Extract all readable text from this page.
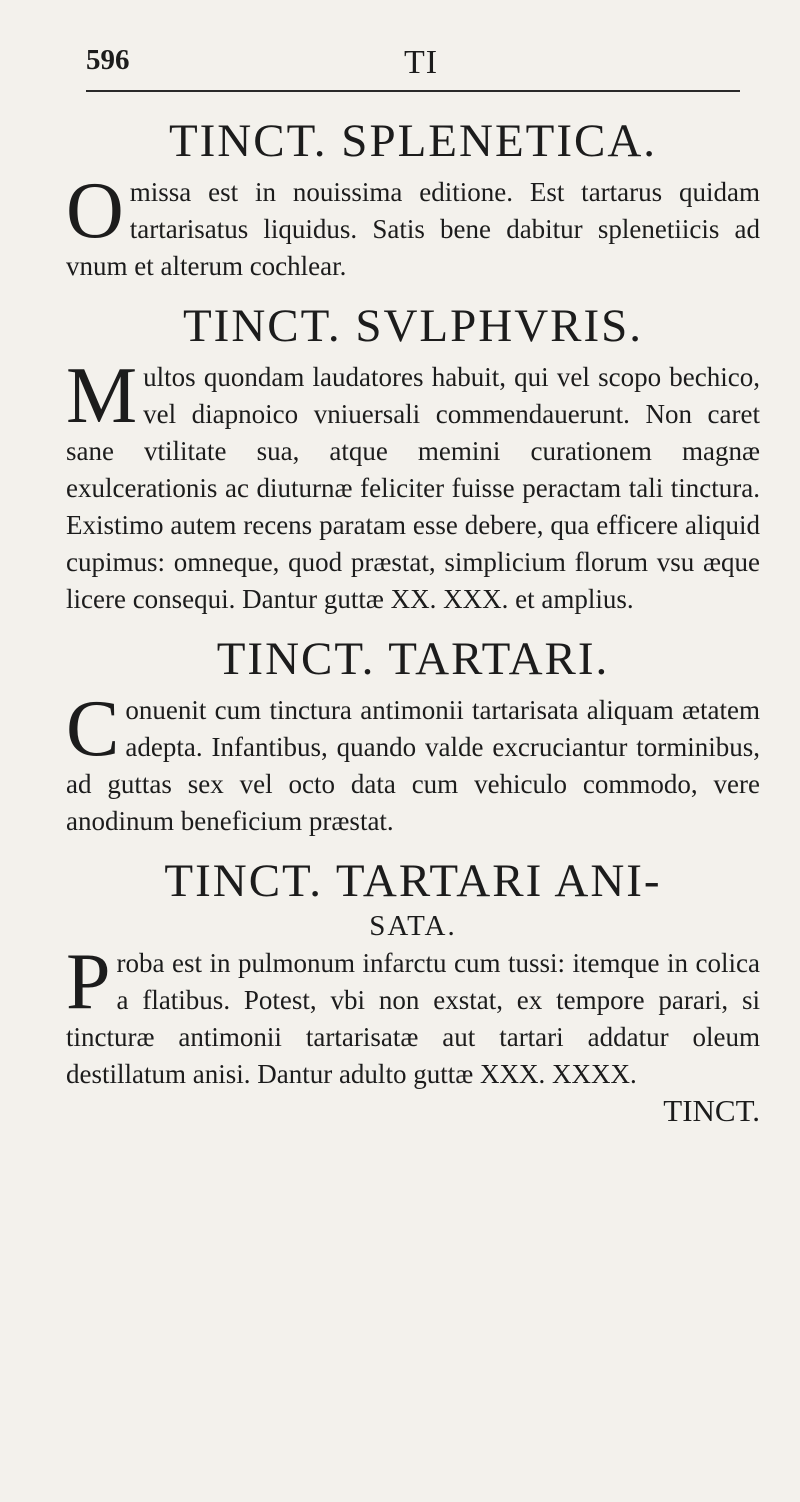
596	TI
TINCT. SPLENETICA.

Omissa est in nouissima editione. Est tartarus quidam tartarisatus liquidus. Satis bene dabitur splenetiicis ad vnum et alterum cochlear.

TINCT. SVLPHVRIS.

Multos quondam laudatores habuit, qui vel scopo bechico, vel diapnoico vniuersali commendauerunt. Non caret sane vtilitate sua, atque memini curationem magnæ exulcerationis ac diuturnæ feliciter fuisse peractam tali tinctura. Existimo autem recens paratam esse debere, qua efficere aliquid cupimus: omneque, quod præstat, simplicium florum vsu æque licere consequi. Dantur guttæ XX. XXX. et amplius.

TINCT. TARTARI.

Conuenit cum tinctura antimonii tartarisata aliquam ætatem adepta. Infantibus, quando valde excruciantur torminibus, ad guttas sex vel octo data cum vehiculo commodo, vere anodinum beneficium præstat.

TINCT. TARTARI ANI-
SATA.

Proba est in pulmonum infarctu cum tussi: itemque in colica a flatibus. Potest, vbi non exstat, ex tempore parari, si tincturæ antimonii tartarisatæ aut tartari addatur oleum destillatum anisi. Dantur adulto guttæ XXX. XXXX.

TINCT.
